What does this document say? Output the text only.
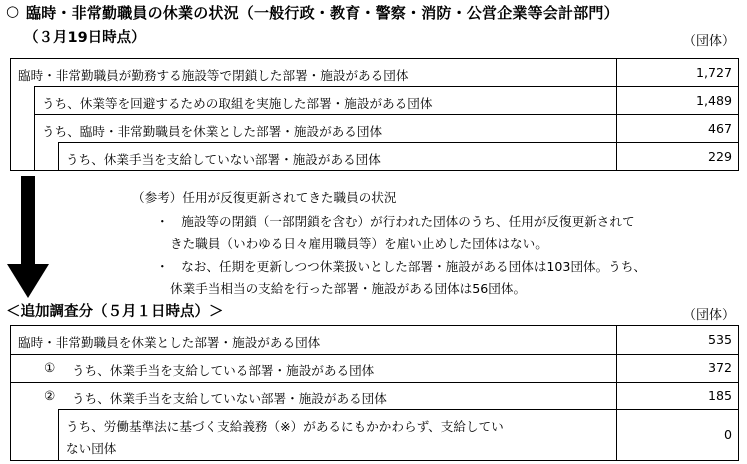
○ 臨時・非常勤職員の休業の状況（一般行政・教育・警察・消防・公営企業等会計部門）
（３月19日時点）	（団体）
臨時・非常勤職員が勤務する施設等で閉鎖した部署・施設がある団体	1,727
うち、休業等を回避するための取組を実施した部署・施設がある団体	1,489
うち、臨時・非常勤職員を休業とした部署・施設がある団体	467
うち、休業手当を支給していない部署・施設がある団体	229
（参考）任用が反復更新されてきた職員の状況
・　施設等の閉鎖（一部閉鎖を含む）が行われた団体のうち、任用が反復更新されて
きた職員（いわゆる日々雇用職員等）を雇い止めした団体はない。
・　なお、任期を更新しつつ休業扱いとした部署・施設がある団体は103団体。うち、
休業手当相当の支給を行った部署・施設がある団体は56団体。
＜追加調査分（５月１日時点）＞	（団体）
臨時・非常勤職員を休業とした部署・施設がある団体	535
① うち、休業手当を支給している部署・施設がある団体	372
② うち、休業手当を支給していない部署・施設がある団体	185
うち、労働基準法に基づく支給義務（※）があるにもかかわらず、支給してい
ない団体
0
